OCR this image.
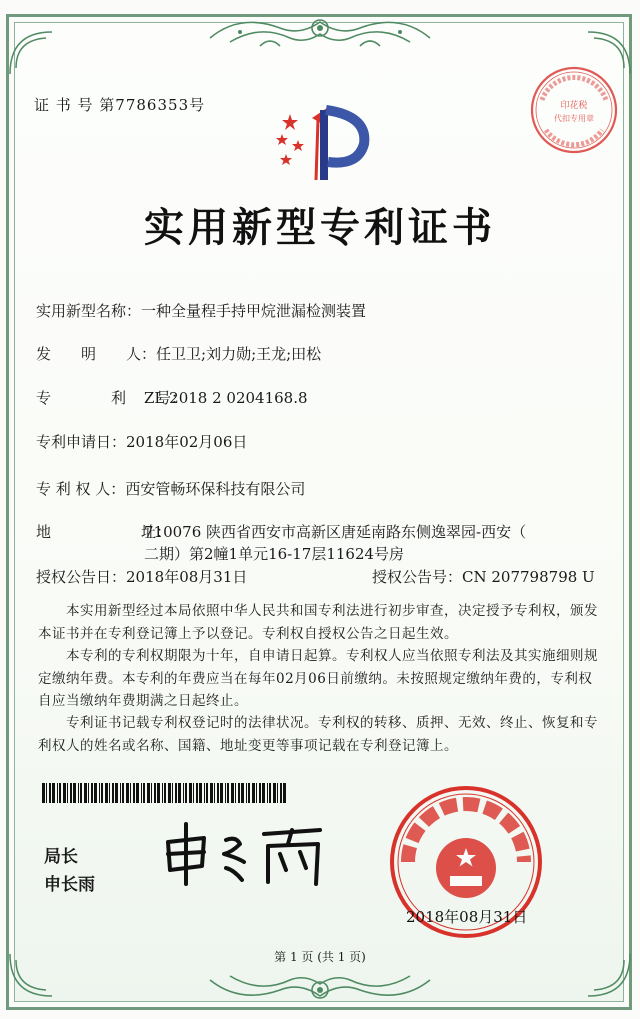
证 书 号 第7786353号	印花税
代扣专用章
实用新型专利证书
实用新型名称：一种全量程手持甲烷泄漏检测装置
发　　明　　人：任卫卫;刘力勋;王龙;田松
专　　　　利　　号：ZL 2018 2 0204168.8
专利申请日：2018年02月06日
专 利 权 人：西安管畅环保科技有限公司
地　　　　　　址：710076 陕西省西安市高新区唐延南路东侧逸翠园-西安（
二期）第2幢1单元16-17层11624号房
授权公告日：2018年08月31日	授权公告号：CN 207798798 U
本实用新型经过本局依照中华人民共和国专利法进行初步审查，决定授予专利权，颁发本证书并在专利登记簿上予以登记。专利权自授权公告之日起生效。
本专利的专利权期限为十年，自申请日起算。专利权人应当依照专利法及其实施细则规定缴纳年费。本专利的年费应当在每年02月06日前缴纳。未按照规定缴纳年费的，专利权自应当缴纳年费期满之日起终止。
专利证书记载专利权登记时的法律状况。专利权的转移、质押、无效、终止、恢复和专利权人的姓名或名称、国籍、地址变更等事项记载在专利登记簿上。
局长
申长雨
2018年08月31日
第 1 页 (共 1 页)
